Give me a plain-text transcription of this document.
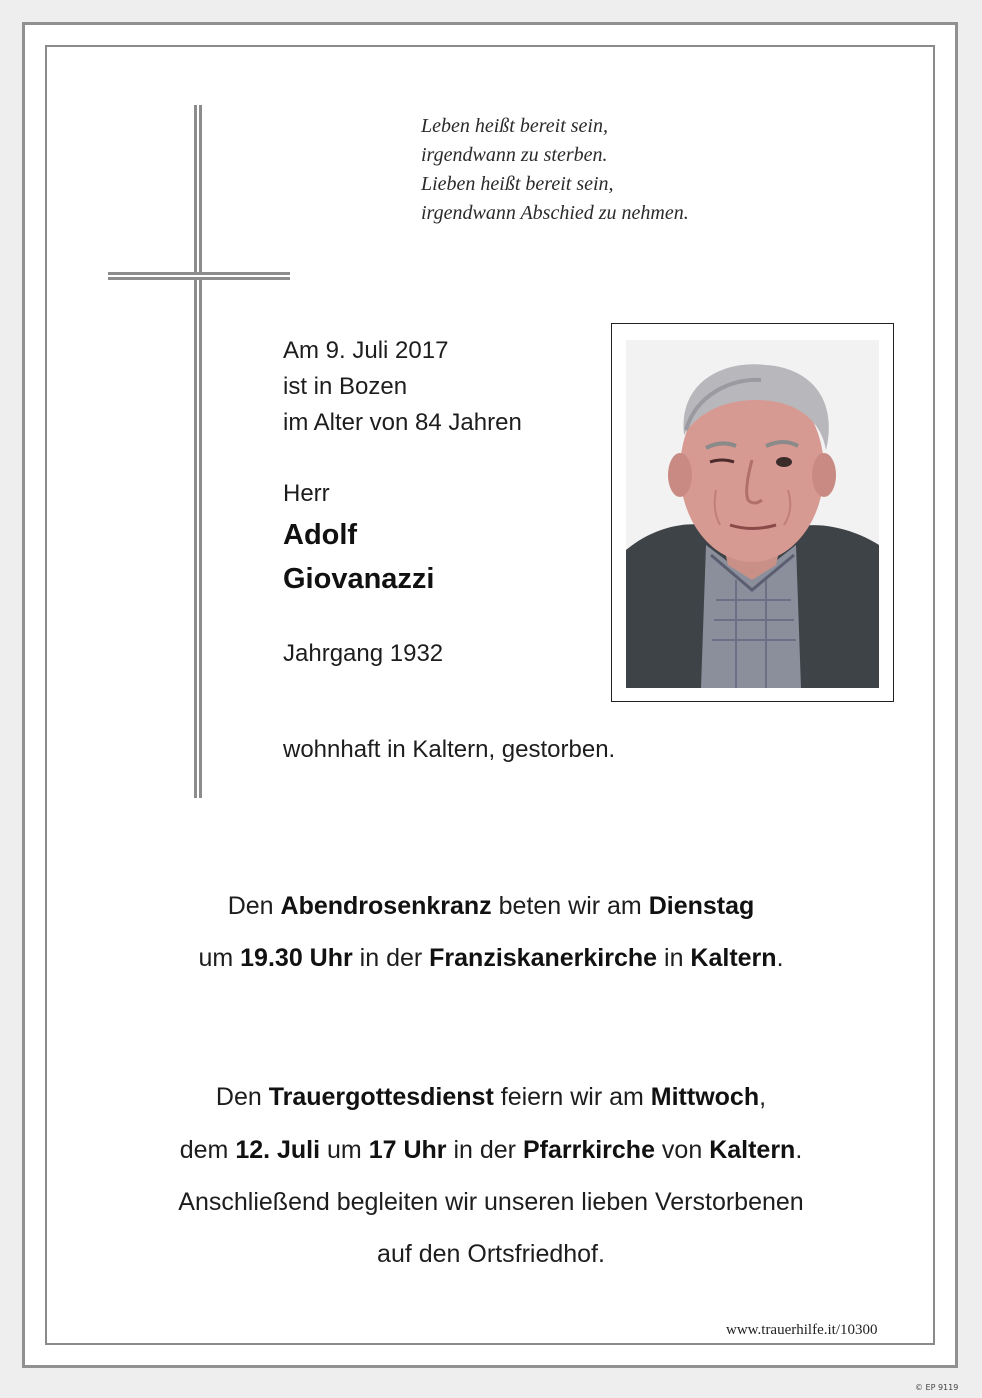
Leben heißt bereit sein,
irgendwann zu sterben.
Lieben heißt bereit sein,
irgendwann Abschied zu nehmen.
Am 9. Juli 2017
ist in Bozen
im Alter von 84 Jahren
Herr
Adolf
Giovanazzi
Jahrgang 1932
wohnhaft in Kaltern, gestorben.
Den Abendrosenkranz beten wir am Dienstag
um 19.30 Uhr in der Franziskanerkirche in Kaltern.
Den Trauergottesdienst feiern wir am Mittwoch,
dem 12. Juli um 17 Uhr in der Pfarrkirche von Kaltern.
Anschließend begleiten wir unseren lieben Verstorbenen
auf den Ortsfriedhof.
www.trauerhilfe.it/10300
© EP 9119
